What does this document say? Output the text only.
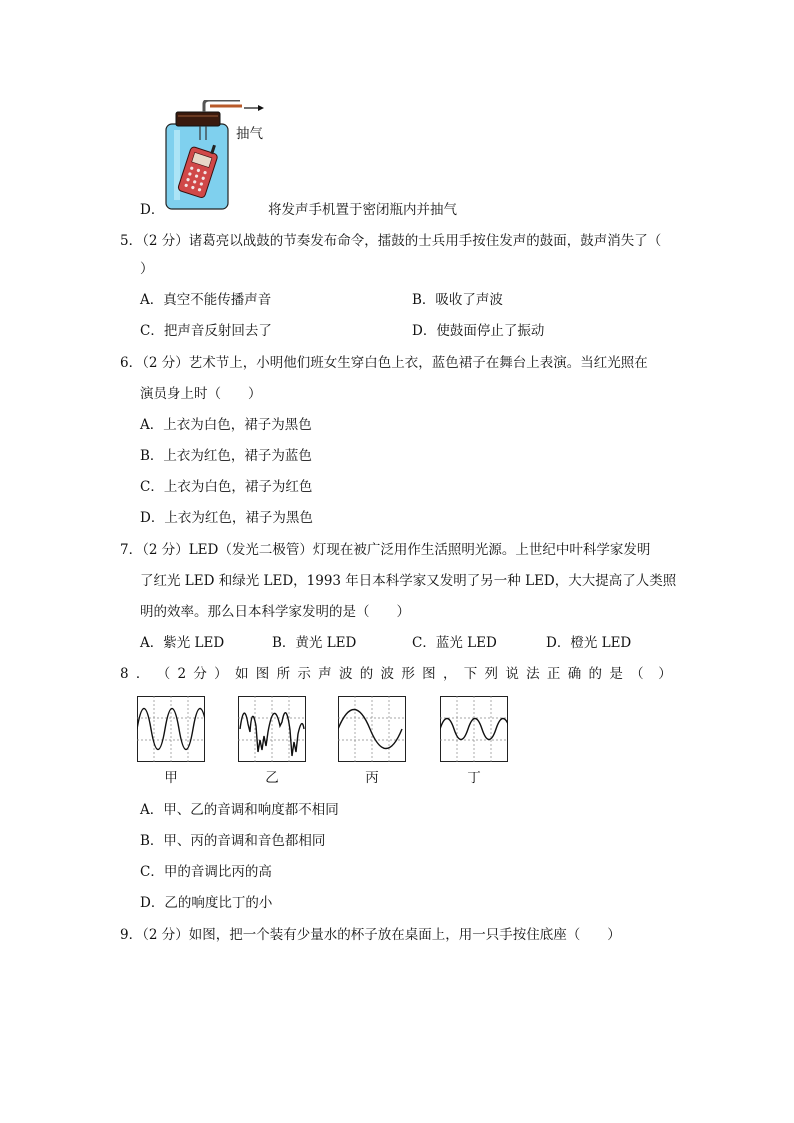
抽气
D．	将发声手机置于密闭瓶内并抽气
5．（2 分）诸葛亮以战鼓的节奏发布命令，擂鼓的士兵用手按住发声的鼓面，鼓声消失了（
）
A．真空不能传播声音	B．吸收了声波
C．把声音反射回去了	D．使鼓面停止了振动
6．（2 分）艺术节上，小明他们班女生穿白色上衣，蓝色裙子在舞台上表演。当红光照在
演员身上时（　　）
A．上衣为白色，裙子为黑色
B．上衣为红色，裙子为蓝色
C．上衣为白色，裙子为红色
D．上衣为红色，裙子为黑色
7．（2 分）LED（发光二极管）灯现在被广泛用作生活照明光源。上世纪中叶科学家发明
了红光 LED 和绿光 LED，1993 年日本科学家又发明了另一种 LED，大大提高了人类照
明的效率。那么日本科学家发明的是（　　）
A．紫光 LED	B．黄光 LED	C．蓝光 LED	D．橙光 LED
8 ． （ 2 分 ） 如 图 所 示 声 波 的 波 形 图 ， 下 列 说 法 正 确 的 是 （ ）
甲	乙	丙	丁
A．甲、乙的音调和响度都不相同
B．甲、丙的音调和音色都相同
C．甲的音调比丙的高
D．乙的响度比丁的小
9．（2 分）如图，把一个装有少量水的杯子放在桌面上，用一只手按住底座（　　）
